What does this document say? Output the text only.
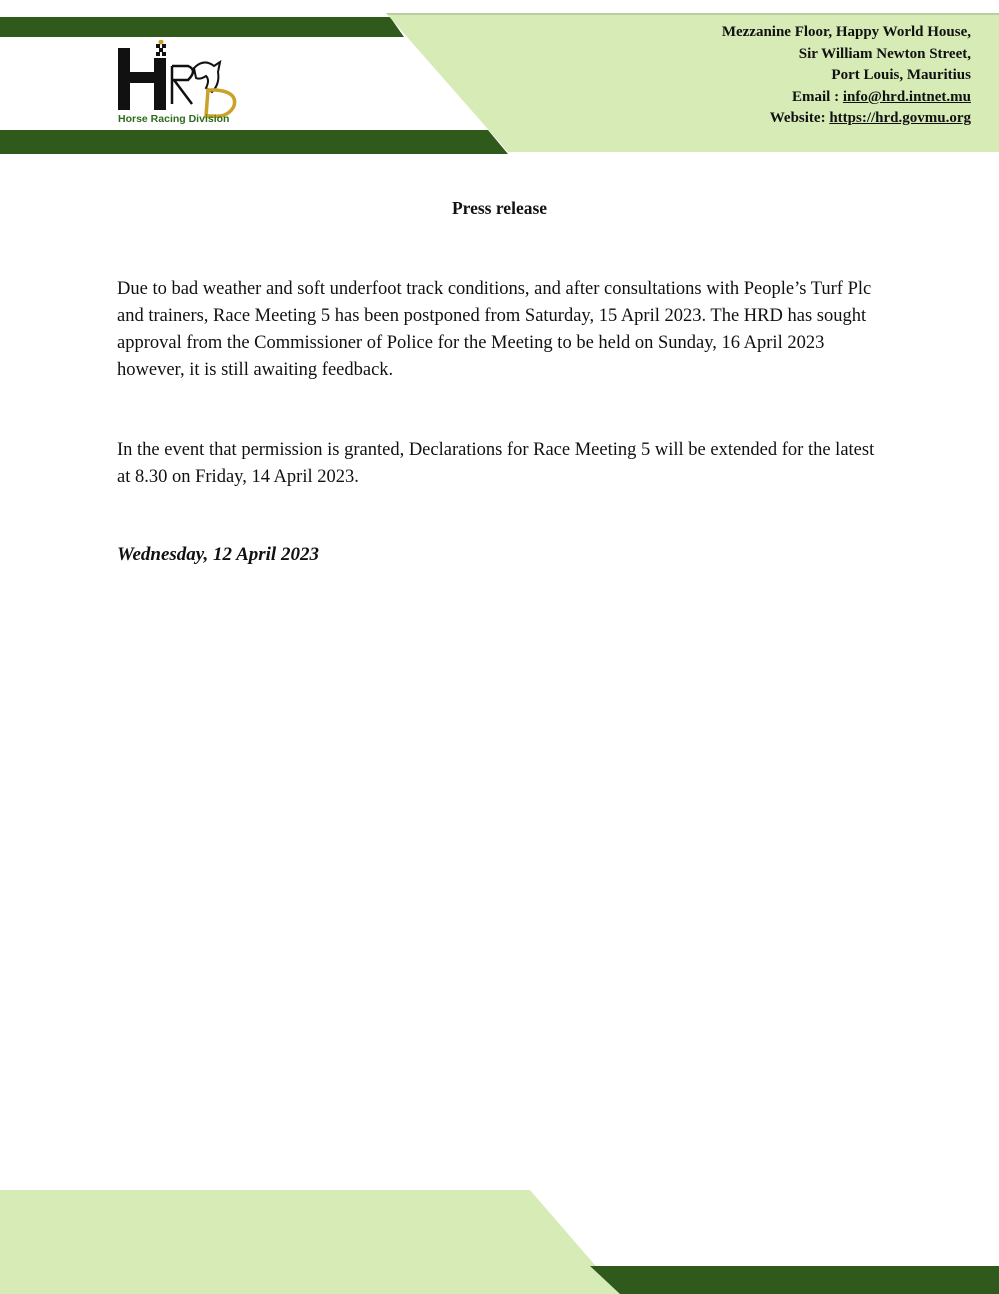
Horse Racing Division
Mezzanine Floor, Happy World House,
Sir William Newton Street,
Port Louis, Mauritius
Email : info@hrd.intnet.mu
Website: https://hrd.govmu.org
Press release
Due to bad weather and soft underfoot track conditions, and after consultations with People’s Turf Plc and trainers, Race Meeting 5 has been postponed from Saturday, 15 April 2023. The HRD has sought approval from the Commissioner of Police for the Meeting to be held on Sunday, 16 April 2023 however, it is still awaiting feedback.
In the event that permission is granted, Declarations for Race Meeting 5 will be extended for the latest at 8.30 on Friday, 14 April 2023.
Wednesday, 12 April 2023
